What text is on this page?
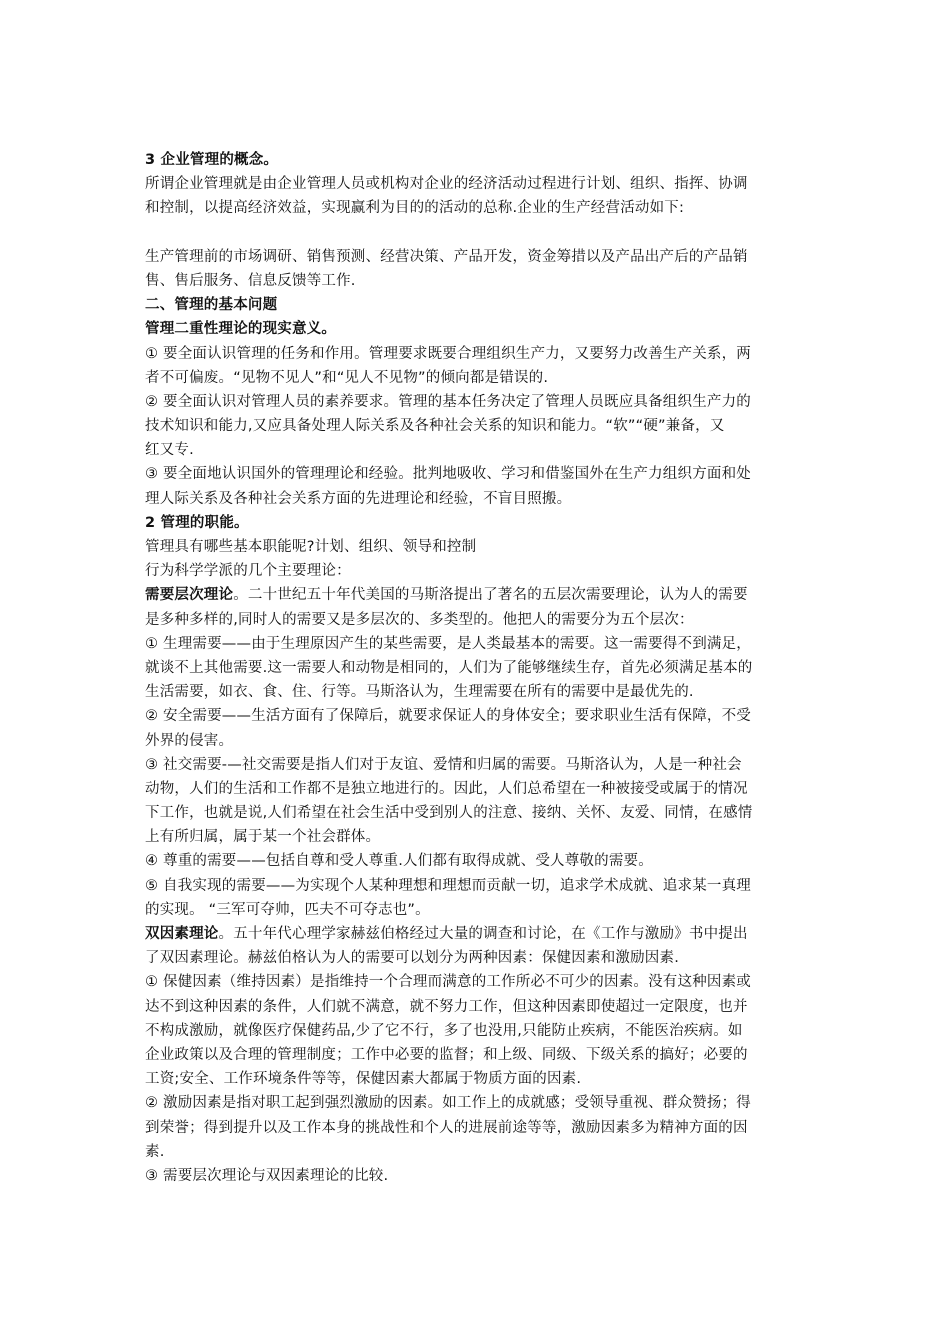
3 企业管理的概念。
所谓企业管理就是由企业管理人员或机构对企业的经济活动过程进行计划、组织、指挥、协调
和控制，以提高经济效益，实现赢利为目的的活动的总称.企业的生产经营活动如下:
生产管理前的市场调研、销售预测、经营决策、产品开发，资金筹措以及产品出产后的产品销
售、售后服务、信息反馈等工作.
二、管理的基本问题
管理二重性理论的现实意义。
① 要全面认识管理的任务和作用。管理要求既要合理组织生产力，又要努力改善生产关系，两
者不可偏废。“见物不见人”和“见人不见物”的倾向都是错误的.
② 要全面认识对管理人员的素养要求。管理的基本任务决定了管理人员既应具备组织生产力的
技术知识和能力,又应具备处理人际关系及各种社会关系的知识和能力。“软”“硬”兼备，又
红又专.
③ 要全面地认识国外的管理理论和经验。批判地吸收、学习和借鉴国外在生产力组织方面和处
理人际关系及各种社会关系方面的先进理论和经验，不盲目照搬。
2 管理的职能。
管理具有哪些基本职能呢?计划、组织、领导和控制
行为科学学派的几个主要理论：
需要层次理论。二十世纪五十年代美国的马斯洛提出了著名的五层次需要理论，认为人的需要
是多种多样的,同时人的需要又是多层次的、多类型的。他把人的需要分为五个层次：
① 生理需要——由于生理原因产生的某些需要，是人类最基本的需要。这一需要得不到满足，
就谈不上其他需要.这一需要人和动物是相同的，人们为了能够继续生存，首先必须满足基本的
生活需要，如衣、食、住、行等。马斯洛认为，生理需要在所有的需要中是最优先的.
② 安全需要——生活方面有了保障后，就要求保证人的身体安全；要求职业生活有保障，不受
外界的侵害。
③ 社交需要-—社交需要是指人们对于友谊、爱情和归属的需要。马斯洛认为，人是一种社会
动物，人们的生活和工作都不是独立地进行的。因此，人们总希望在一种被接受或属于的情况
下工作，也就是说,人们希望在社会生活中受到别人的注意、接纳、关怀、友爱、同情，在感情
上有所归属，属于某一个社会群体。
④ 尊重的需要——包括自尊和受人尊重.人们都有取得成就、受人尊敬的需要。
⑤ 自我实现的需要——为实现个人某种理想和理想而贡献一切，追求学术成就、追求某一真理
的实现。 “三军可夺帅，匹夫不可夺志也”。
双因素理论。五十年代心理学家赫兹伯格经过大量的调查和讨论，在《工作与激励》书中提出
了双因素理论。赫兹伯格认为人的需要可以划分为两种因素：保健因素和激励因素.
① 保健因素（维持因素）是指维持一个合理而满意的工作所必不可少的因素。没有这种因素或
达不到这种因素的条件，人们就不满意，就不努力工作，但这种因素即使超过一定限度，也并
不构成激励，就像医疗保健药品,少了它不行，多了也没用,只能防止疾病，不能医治疾病。如
企业政策以及合理的管理制度；工作中必要的监督；和上级、同级、下级关系的搞好；必要的
工资;安全、工作环境条件等等，保健因素大都属于物质方面的因素.
② 激励因素是指对职工起到强烈激励的因素。如工作上的成就感；受领导重视、群众赞扬；得
到荣誉；得到提升以及工作本身的挑战性和个人的进展前途等等，激励因素多为精神方面的因
素.
③ 需要层次理论与双因素理论的比较.
